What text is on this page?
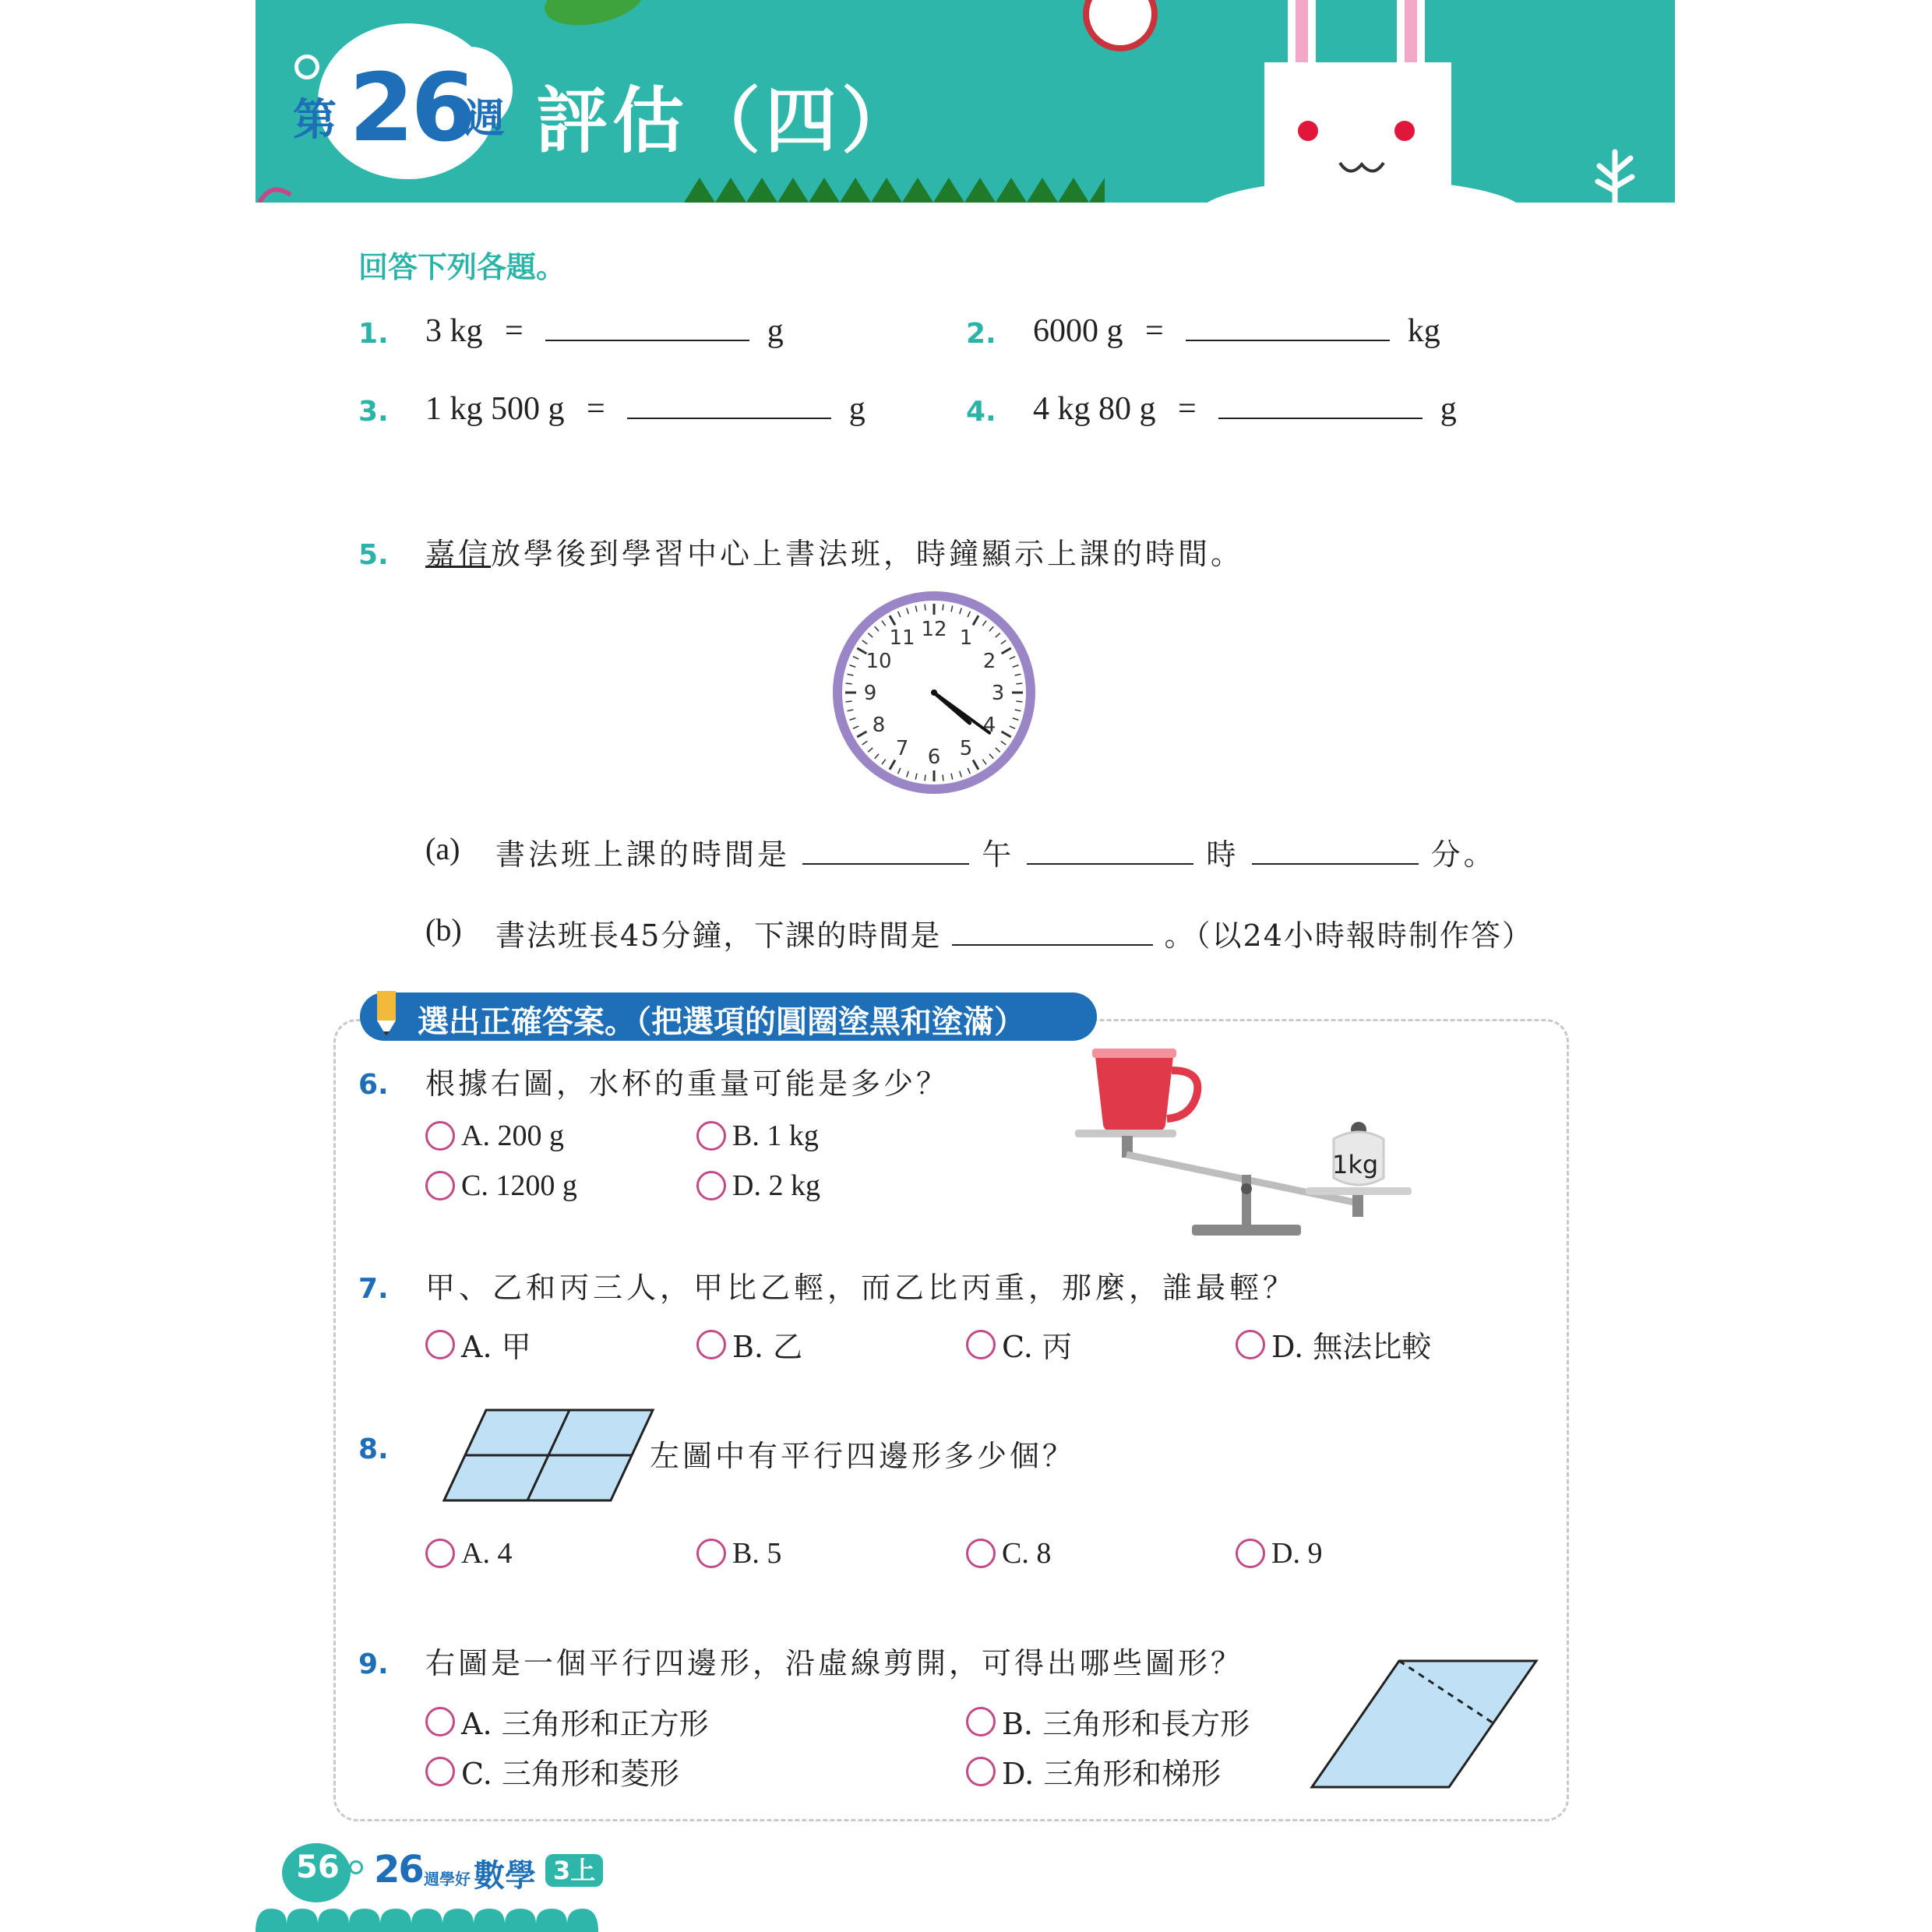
第 26
週 評估（四）
回答下列各題。
1. 3 kg =	g	2. 6000 g =	kg
3. 1 kg 500 g =	g	4. 4 kg 80 g =	g
5. 嘉信放學後到學習中心上書法班，時鐘顯示上課的時間。
12 1
2
3
4
5
6
7
8
9
10
11
(a) 書法班上課的時間是	午	時	分。
(b) 書法班長45分鐘，下課的時間是	。（以24小時報時制作答）
選出正確答案。（把選項的圓圈塗黑和塗滿）
6. 根據右圖，水杯的重量可能是多少？
A. 200 g	B. 1 kg
C. 1200 g	D. 2 kg
1kg
7. 甲、乙和丙三人，甲比乙輕，而乙比丙重，那麼，誰最輕？
A. 甲	B. 乙	C. 丙	D. 無法比較
8.	左圖中有平行四邊形多少個？
A. 4	B. 5	C. 8	D. 9
9. 右圖是一個平行四邊形，沿虛線剪開，可得出哪些圖形？
A. 三角形和正方形	B. 三角形和長方形
C. 三角形和菱形	D. 三角形和梯形
56 26 週學好 數學 3上
